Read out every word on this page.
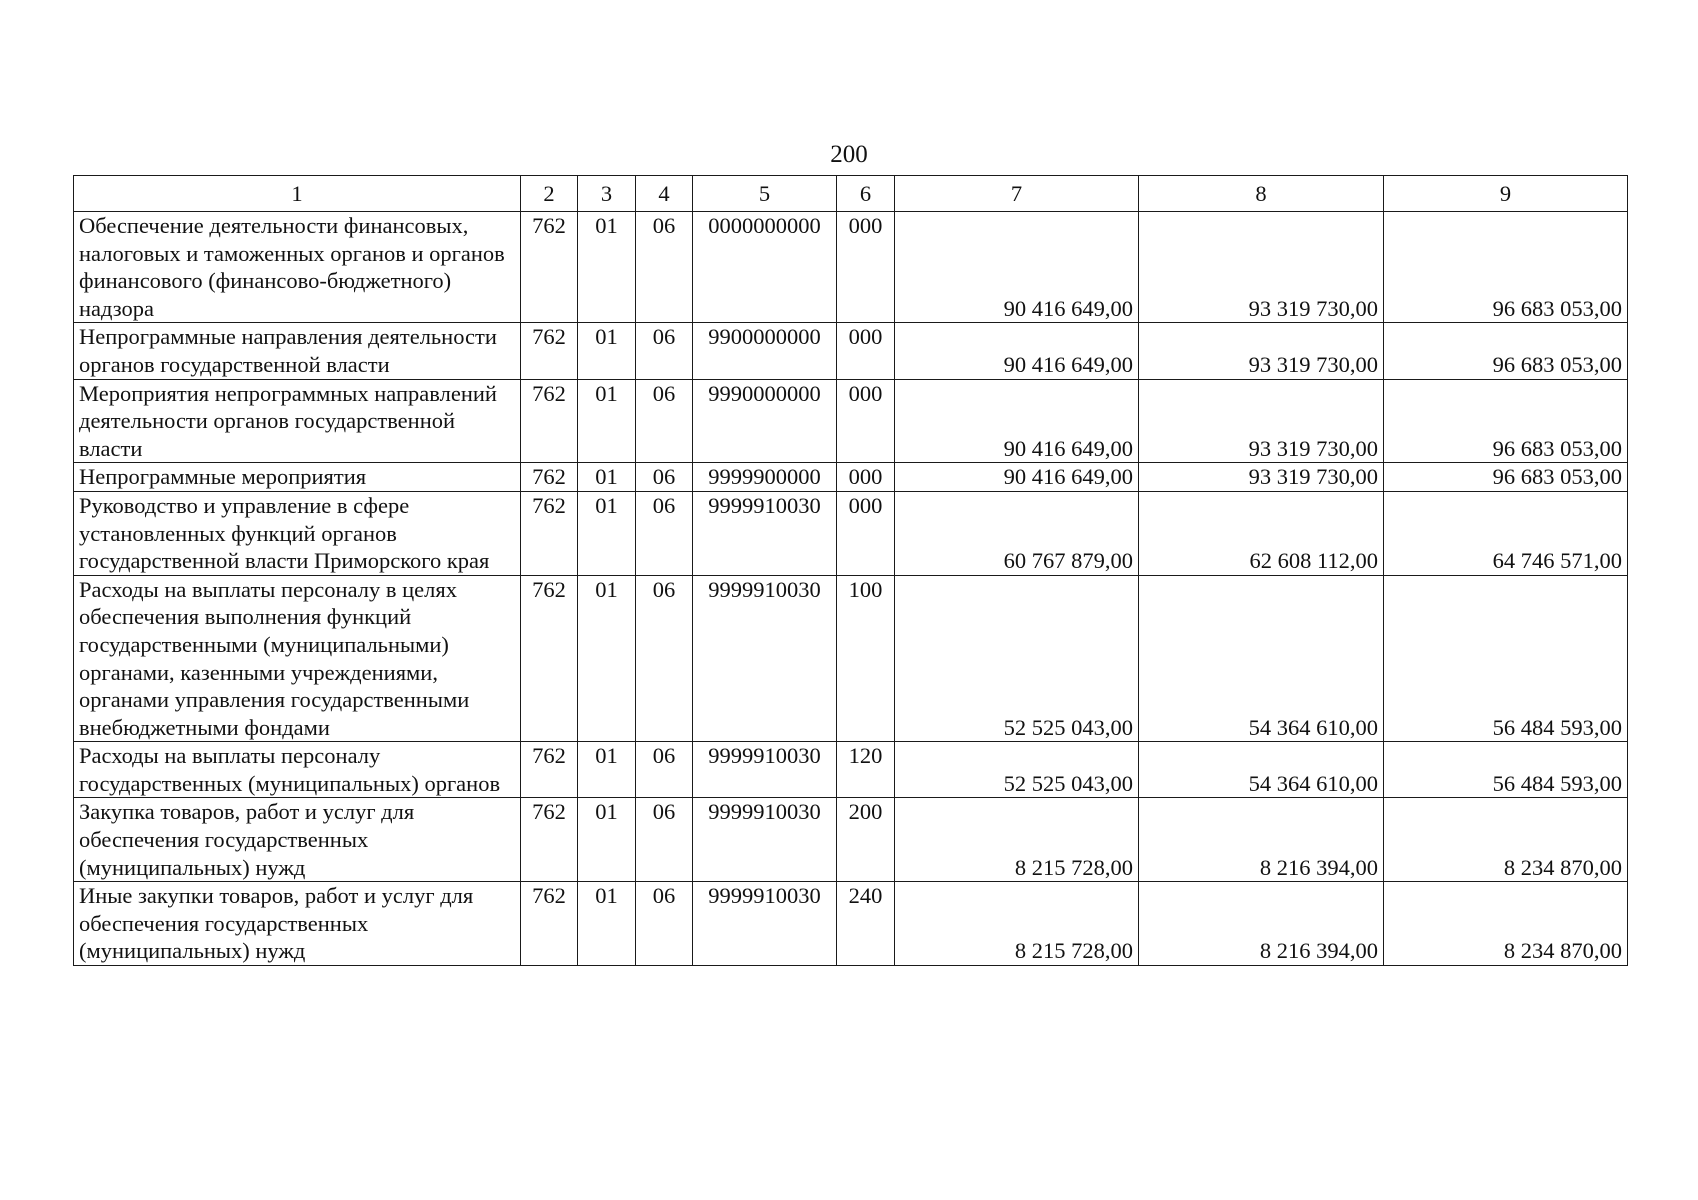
200
1	2	3	4	5	6	7	8	9
Обеспечение деятельности финансовых, налоговых и таможенных органов и органов финансового (финансово-бюджетного) надзора	762	01	06	0000000000	000	90 416 649,00	93 319 730,00	96 683 053,00
Непрограммные направления деятельности органов государственной власти	762	01	06	9900000000	000	90 416 649,00	93 319 730,00	96 683 053,00
Мероприятия непрограммных направлений деятельности органов государственной власти	762	01	06	9990000000	000	90 416 649,00	93 319 730,00	96 683 053,00
Непрограммные мероприятия	762	01	06	9999900000	000	90 416 649,00	93 319 730,00	96 683 053,00
Руководство и управление в сфере установленных функций органов государственной власти Приморского края	762	01	06	9999910030	000	60 767 879,00	62 608 112,00	64 746 571,00
Расходы на выплаты персоналу в целях обеспечения выполнения функций государственными (муниципальными) органами, казенными учреждениями, органами управления государственными внебюджетными фондами	762	01	06	9999910030	100	52 525 043,00	54 364 610,00	56 484 593,00
Расходы на выплаты персоналу государственных (муниципальных) органов	762	01	06	9999910030	120	52 525 043,00	54 364 610,00	56 484 593,00
Закупка товаров, работ и услуг для обеспечения государственных (муниципальных) нужд	762	01	06	9999910030	200	8 215 728,00	8 216 394,00	8 234 870,00
Иные закупки товаров, работ и услуг для обеспечения государственных (муниципальных) нужд	762	01	06	9999910030	240	8 215 728,00	8 216 394,00	8 234 870,00
